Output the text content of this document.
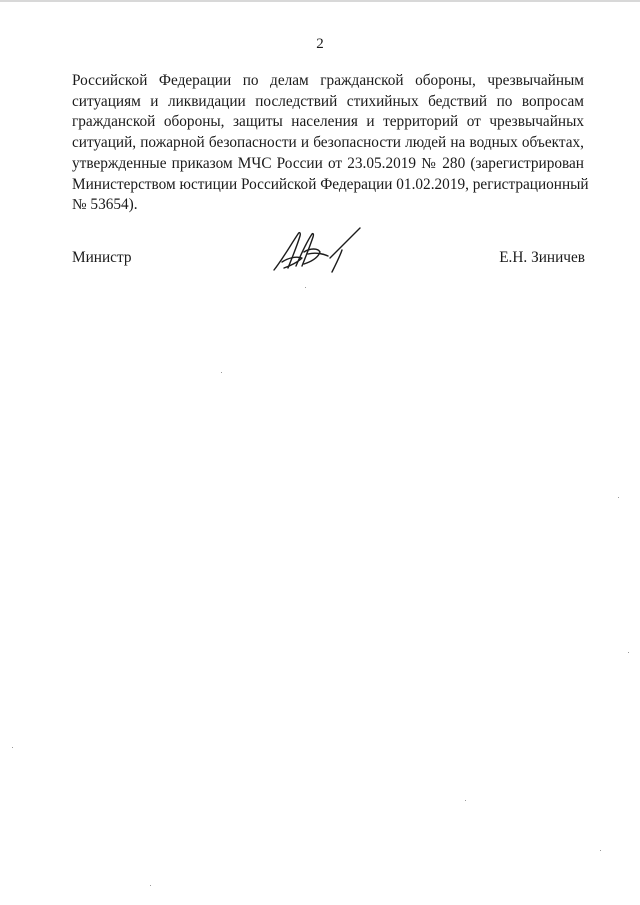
2
Российской Федерации по делам гражданской обороны, чрезвычайным
ситуациям и ликвидации последствий стихийных бедствий по вопросам
гражданской обороны, защиты населения и территорий от чрезвычайных
ситуаций, пожарной безопасности и безопасности людей на водных объектах,
утвержденные приказом МЧС России от 23.05.2019 № 280 (зарегистрирован
Министерством юстиции Российской Федерации 01.02.2019, регистрационный
№ 53654).
Министр	Е.Н. Зиничев
